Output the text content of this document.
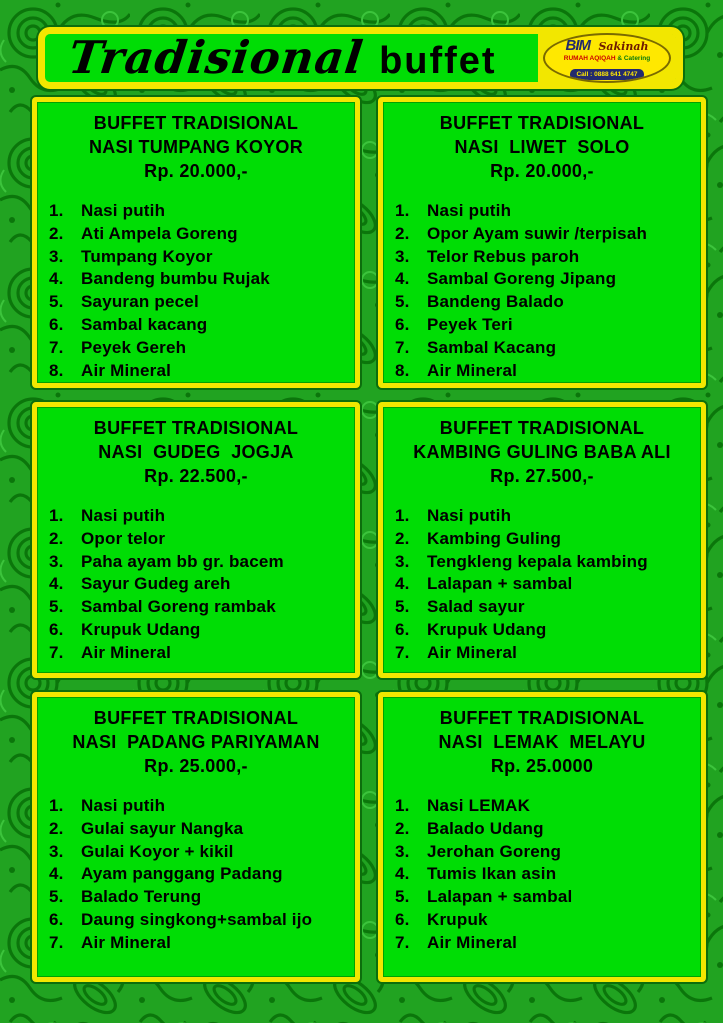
Tradisional buffet	BIM Sakinah
RUMAH AQIQAH & Catering
Call : 0888 641 4747
BUFFET TRADISIONAL
NASI TUMPANG KOYOR
Rp. 20.000,-
1.	Nasi putih
2.	Ati Ampela Goreng
3.	Tumpang Koyor
4.	Bandeng bumbu Rujak
5.	Sayuran pecel
6.	Sambal kacang
7.	Peyek Gereh
8.	Air Mineral
BUFFET TRADISIONAL
NASI  LIWET  SOLO
Rp. 20.000,-
1.	Nasi putih
2.	Opor Ayam suwir /terpisah
3.	Telor Rebus paroh
4.	Sambal Goreng Jipang
5.	Bandeng Balado
6.	Peyek Teri
7.	Sambal Kacang
8.	Air Mineral
BUFFET TRADISIONAL
NASI  GUDEG  JOGJA
Rp. 22.500,-
1.	Nasi putih
2.	Opor telor
3.	Paha ayam bb gr. bacem
4.	Sayur Gudeg areh
5.	Sambal Goreng rambak
6.	Krupuk Udang
7.	Air Mineral
BUFFET TRADISIONAL
KAMBING GULING BABA ALI
Rp. 27.500,-
1.	Nasi putih
2.	Kambing Guling
3.	Tengkleng kepala kambing
4.	Lalapan + sambal
5.	Salad sayur
6.	Krupuk Udang
7.	Air Mineral
BUFFET TRADISIONAL
NASI  PADANG PARIYAMAN
Rp. 25.000,-
1.	Nasi putih
2.	Gulai sayur Nangka
3.	Gulai Koyor + kikil
4.	Ayam panggang Padang
5.	Balado Terung
6.	Daung singkong+sambal ijo
7.	Air Mineral
BUFFET TRADISIONAL
NASI  LEMAK  MELAYU
Rp. 25.0000
1.	Nasi LEMAK
2.	Balado Udang
3.	Jerohan Goreng
4.	Tumis Ikan asin
5.	Lalapan + sambal
6.	Krupuk
7.	Air Mineral
